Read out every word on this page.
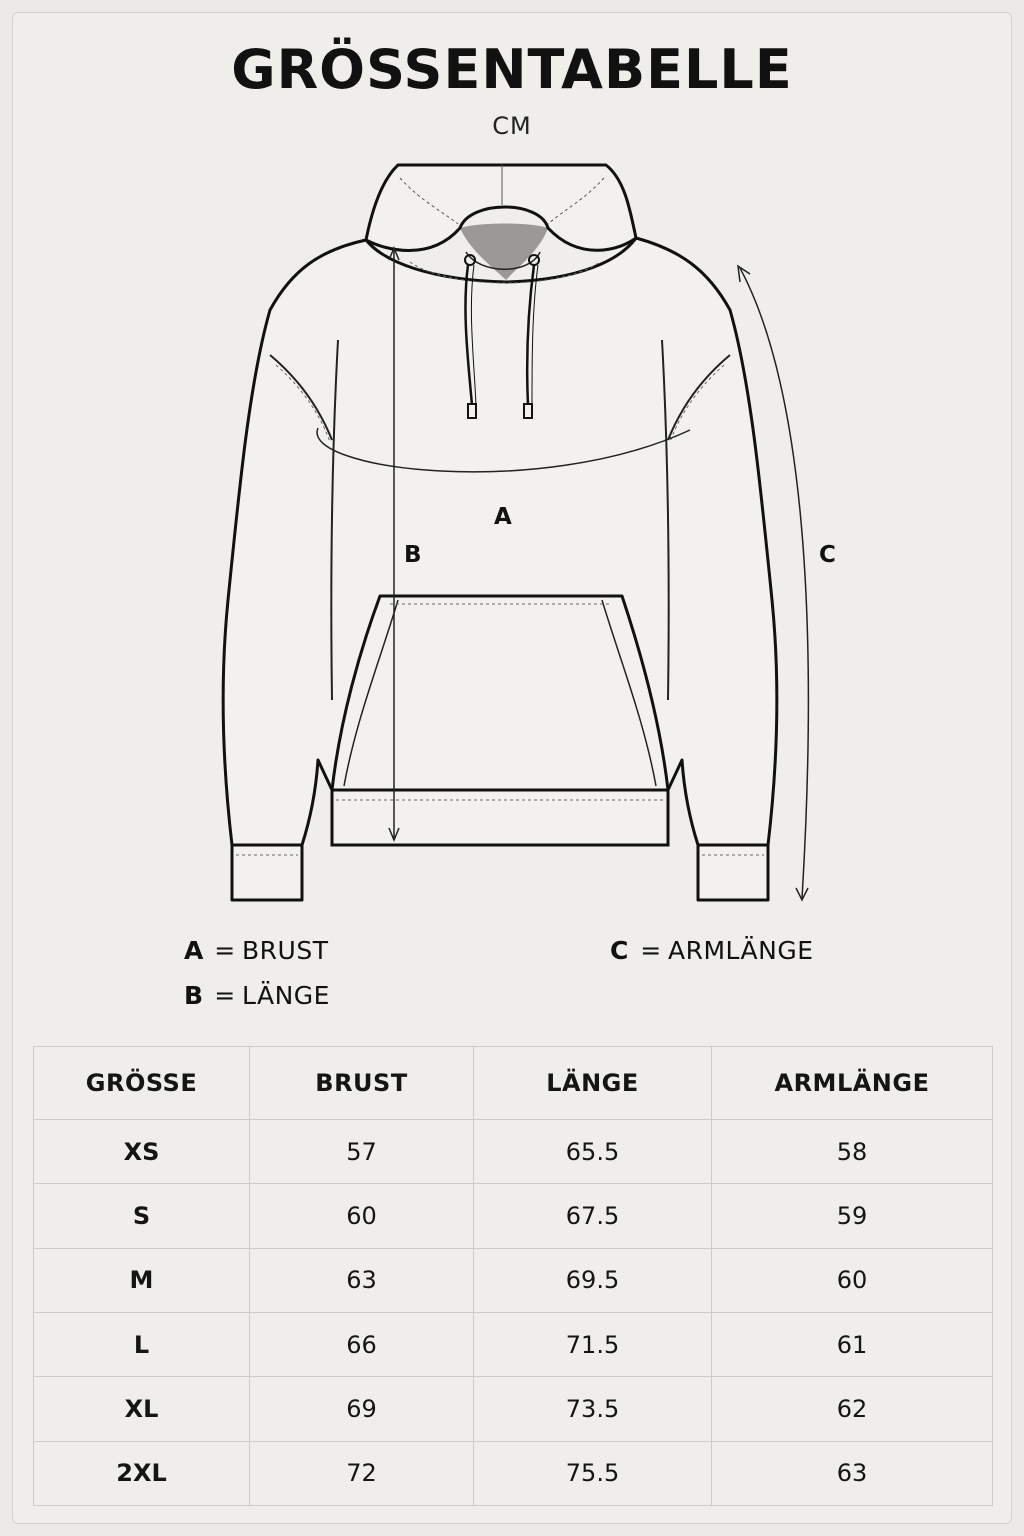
GRÖSSENTABELLE
CM
A
B	C
A = BRUST
B = LÄNGE
C = ARMLÄNGE
GRÖSSE	BRUST	LÄNGE	ARMLÄNGE
XS	57	65.5	58
S	60	67.5	59
M	63	69.5	60
L	66	71.5	61
XL	69	73.5	62
2XL	72	75.5	63
